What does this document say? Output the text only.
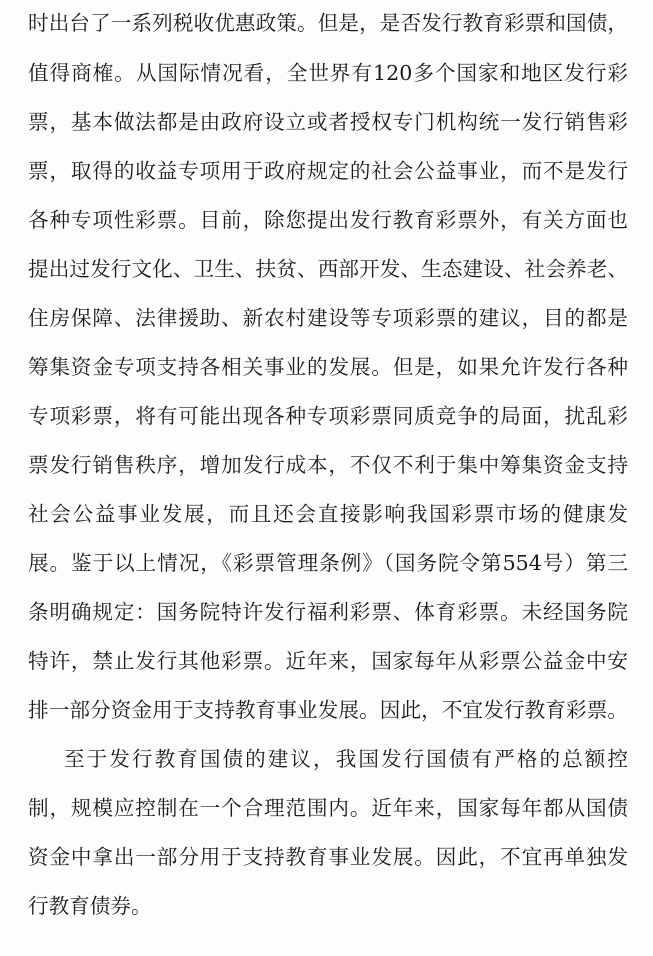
时出台了一系列税收优惠政策。但是，是否发行教育彩票和国债，
值得商榷。从国际情况看，全世界有120多个国家和地区发行彩
票，基本做法都是由政府设立或者授权专门机构统一发行销售彩
票，取得的收益专项用于政府规定的社会公益事业，而不是发行
各种专项性彩票。目前，除您提出发行教育彩票外，有关方面也
提出过发行文化、卫生、扶贫、西部开发、生态建设、社会养老、
住房保障、法律援助、新农村建设等专项彩票的建议，目的都是
筹集资金专项支持各相关事业的发展。但是，如果允许发行各种
专项彩票，将有可能出现各种专项彩票同质竞争的局面，扰乱彩
票发行销售秩序，增加发行成本，不仅不利于集中筹集资金支持
社会公益事业发展，而且还会直接影响我国彩票市场的健康发
展。鉴于以上情况，《彩票管理条例》（国务院令第554号）第三
条明确规定：国务院特许发行福利彩票、体育彩票。未经国务院
特许，禁止发行其他彩票。近年来，国家每年从彩票公益金中安
排一部分资金用于支持教育事业发展。因此，不宜发行教育彩票。
至于发行教育国债的建议，我国发行国债有严格的总额控
制，规模应控制在一个合理范围内。近年来，国家每年都从国债
资金中拿出一部分用于支持教育事业发展。因此，不宜再单独发
行教育债券。
